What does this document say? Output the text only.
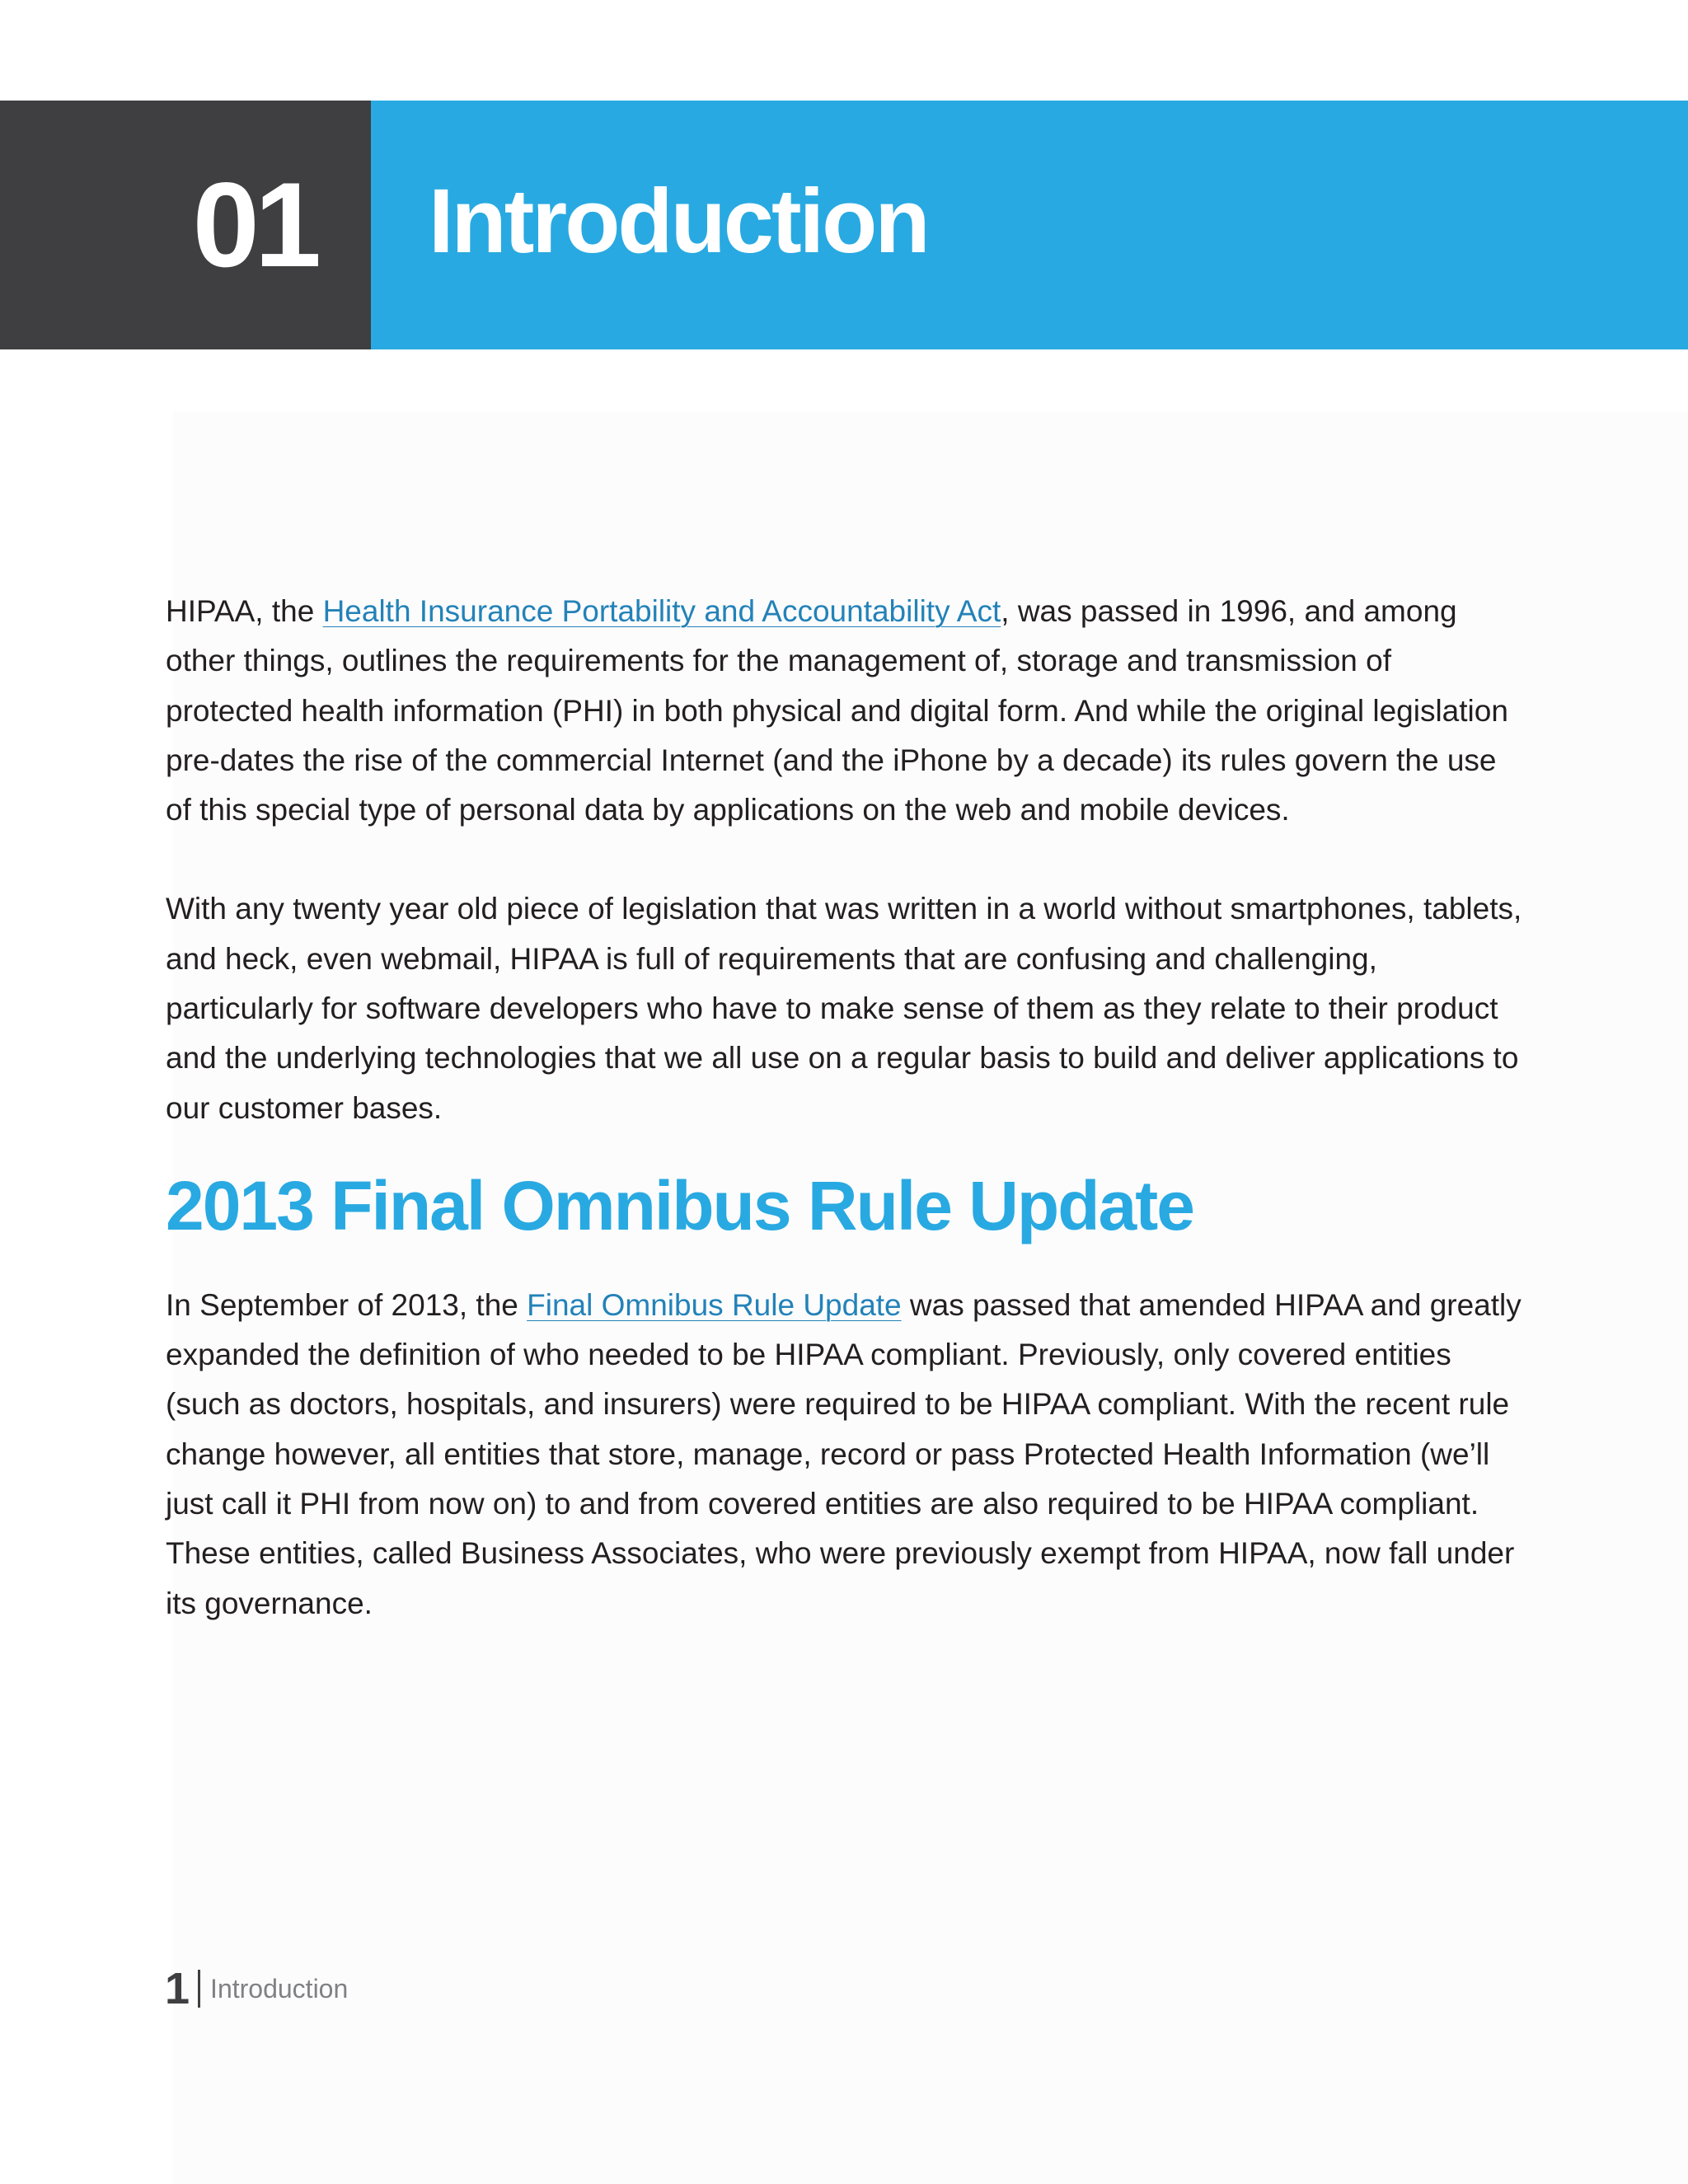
01 Introduction

HIPAA, the Health Insurance Portability and Accountability Act, was passed in 1996, and among other things, outlines the requirements for the management of, storage and transmission of protected health information (PHI) in both physical and digital form. And while the original legislation pre-dates the rise of the commercial Internet (and the iPhone by a decade) its rules govern the use of this special type of personal data by applications on the web and mobile devices.

With any twenty year old piece of legislation that was written in a world without smartphones, tablets, and heck, even webmail, HIPAA is full of requirements that are confusing and challenging, particularly for software developers who have to make sense of them as they relate to their product and the underlying technologies that we all use on a regular basis to build and deliver applications to our customer bases.

2013 Final Omnibus Rule Update

In September of 2013, the Final Omnibus Rule Update was passed that amended HIPAA and greatly expanded the definition of who needed to be HIPAA compliant. Previously, only covered entities (such as doctors, hospitals, and insurers) were required to be HIPAA compliant. With the recent rule change however, all entities that store, manage, record or pass Protected Health Information (we’ll just call it PHI from now on) to and from covered entities are also required to be HIPAA compliant. These entities, called Business Associates, who were previously exempt from HIPAA, now fall under its governance.

1 Introduction
